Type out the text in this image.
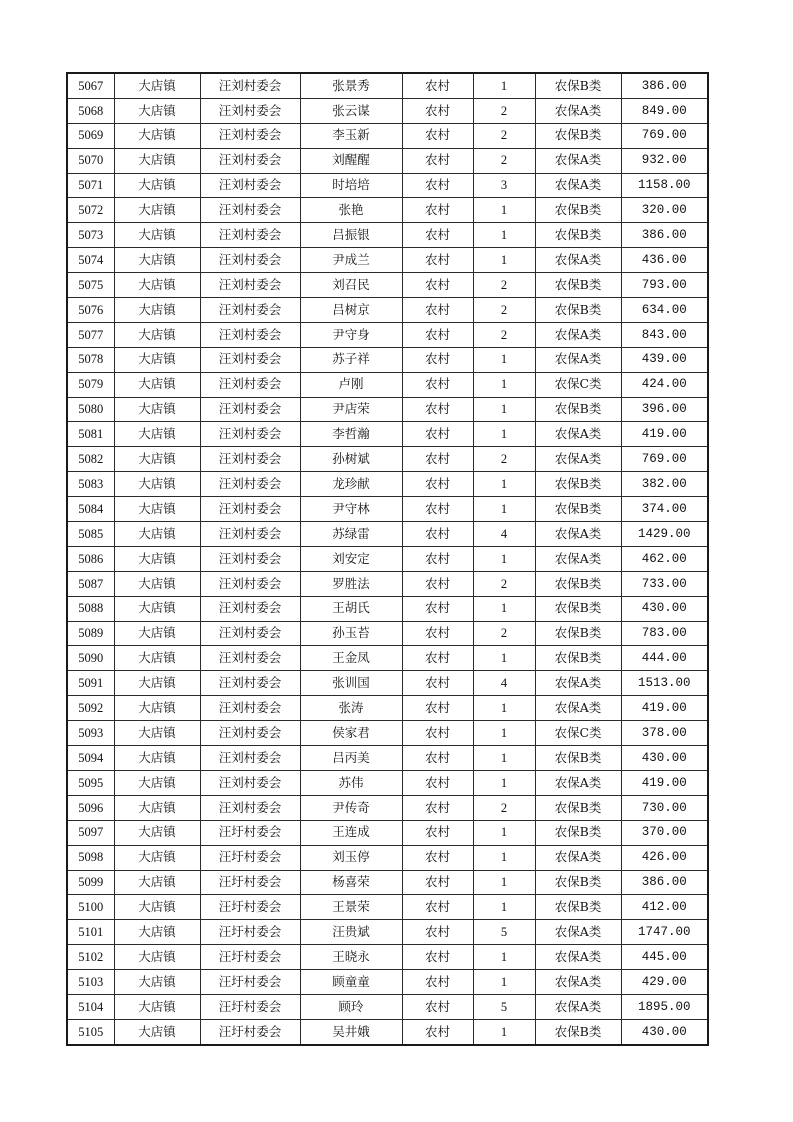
5067	大店镇	汪刘村委会	张景秀	农村	1	农保B类	386.00
5068	大店镇	汪刘村委会	张云谋	农村	2	农保A类	849.00
5069	大店镇	汪刘村委会	李玉新	农村	2	农保B类	769.00
5070	大店镇	汪刘村委会	刘醒醒	农村	2	农保A类	932.00
5071	大店镇	汪刘村委会	时培培	农村	3	农保A类	1158.00
5072	大店镇	汪刘村委会	张艳	农村	1	农保B类	320.00
5073	大店镇	汪刘村委会	吕振银	农村	1	农保B类	386.00
5074	大店镇	汪刘村委会	尹成兰	农村	1	农保A类	436.00
5075	大店镇	汪刘村委会	刘召民	农村	2	农保B类	793.00
5076	大店镇	汪刘村委会	吕树京	农村	2	农保B类	634.00
5077	大店镇	汪刘村委会	尹守身	农村	2	农保A类	843.00
5078	大店镇	汪刘村委会	苏子祥	农村	1	农保A类	439.00
5079	大店镇	汪刘村委会	卢刚	农村	1	农保C类	424.00
5080	大店镇	汪刘村委会	尹店荣	农村	1	农保B类	396.00
5081	大店镇	汪刘村委会	李哲瀚	农村	1	农保A类	419.00
5082	大店镇	汪刘村委会	孙树斌	农村	2	农保A类	769.00
5083	大店镇	汪刘村委会	龙珍献	农村	1	农保B类	382.00
5084	大店镇	汪刘村委会	尹守林	农村	1	农保B类	374.00
5085	大店镇	汪刘村委会	苏绿雷	农村	4	农保A类	1429.00
5086	大店镇	汪刘村委会	刘安定	农村	1	农保A类	462.00
5087	大店镇	汪刘村委会	罗胜法	农村	2	农保B类	733.00
5088	大店镇	汪刘村委会	王胡氏	农村	1	农保B类	430.00
5089	大店镇	汪刘村委会	孙玉苔	农村	2	农保B类	783.00
5090	大店镇	汪刘村委会	王金凤	农村	1	农保B类	444.00
5091	大店镇	汪刘村委会	张训国	农村	4	农保A类	1513.00
5092	大店镇	汪刘村委会	张涛	农村	1	农保A类	419.00
5093	大店镇	汪刘村委会	侯家君	农村	1	农保C类	378.00
5094	大店镇	汪刘村委会	吕丙美	农村	1	农保B类	430.00
5095	大店镇	汪刘村委会	苏伟	农村	1	农保A类	419.00
5096	大店镇	汪刘村委会	尹传奇	农村	2	农保B类	730.00
5097	大店镇	汪圩村委会	王连成	农村	1	农保B类	370.00
5098	大店镇	汪圩村委会	刘玉停	农村	1	农保A类	426.00
5099	大店镇	汪圩村委会	杨喜荣	农村	1	农保B类	386.00
5100	大店镇	汪圩村委会	王景荣	农村	1	农保B类	412.00
5101	大店镇	汪圩村委会	汪贵斌	农村	5	农保A类	1747.00
5102	大店镇	汪圩村委会	王晓永	农村	1	农保A类	445.00
5103	大店镇	汪圩村委会	顾童童	农村	1	农保A类	429.00
5104	大店镇	汪圩村委会	顾玲	农村	5	农保A类	1895.00
5105	大店镇	汪圩村委会	吴井娥	农村	1	农保B类	430.00
